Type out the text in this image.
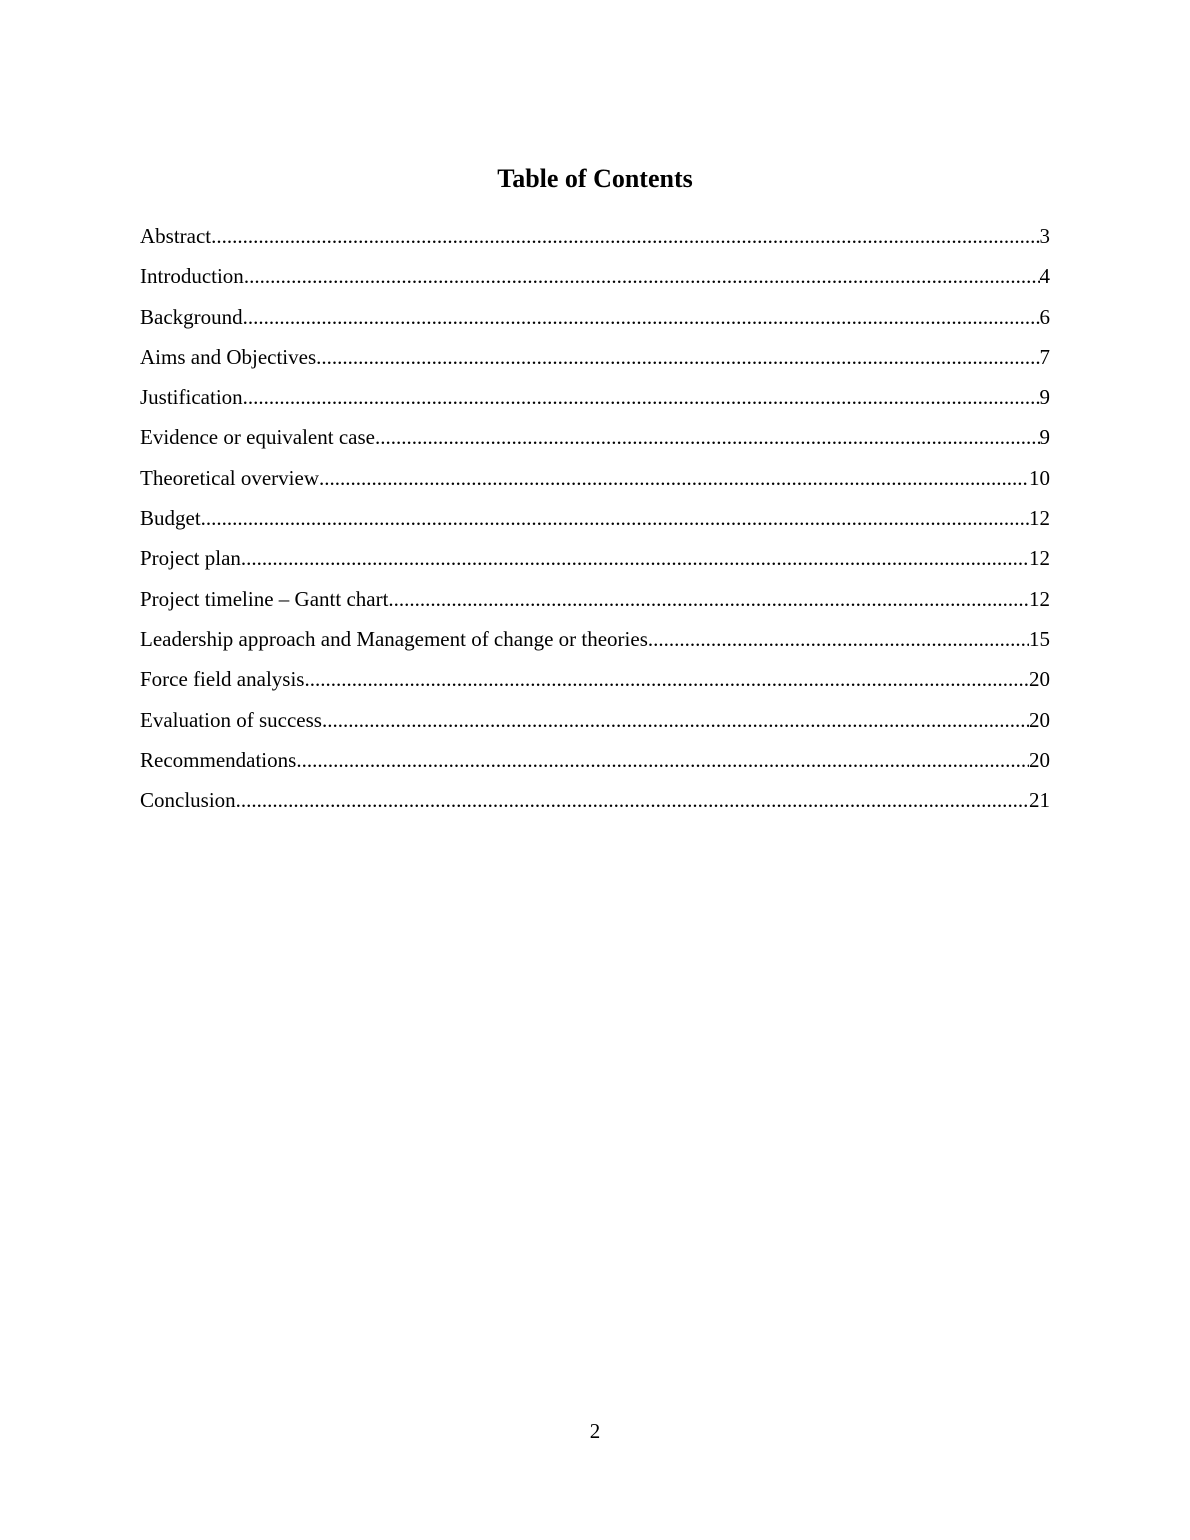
Table of Contents
Abstract .....	3
Introduction .....	4
Background .....	6
Aims and Objectives .....	7
Justification .....	9
Evidence or equivalent case .....	9
Theoretical overview .....	10
Budget .....	12
Project plan .....	12
Project timeline – Gantt chart .....	12
Leadership approach and Management of change or theories .....	15
Force field analysis .....	20
Evaluation of success .....	20
Recommendations .....	20
Conclusion .....	21

2
